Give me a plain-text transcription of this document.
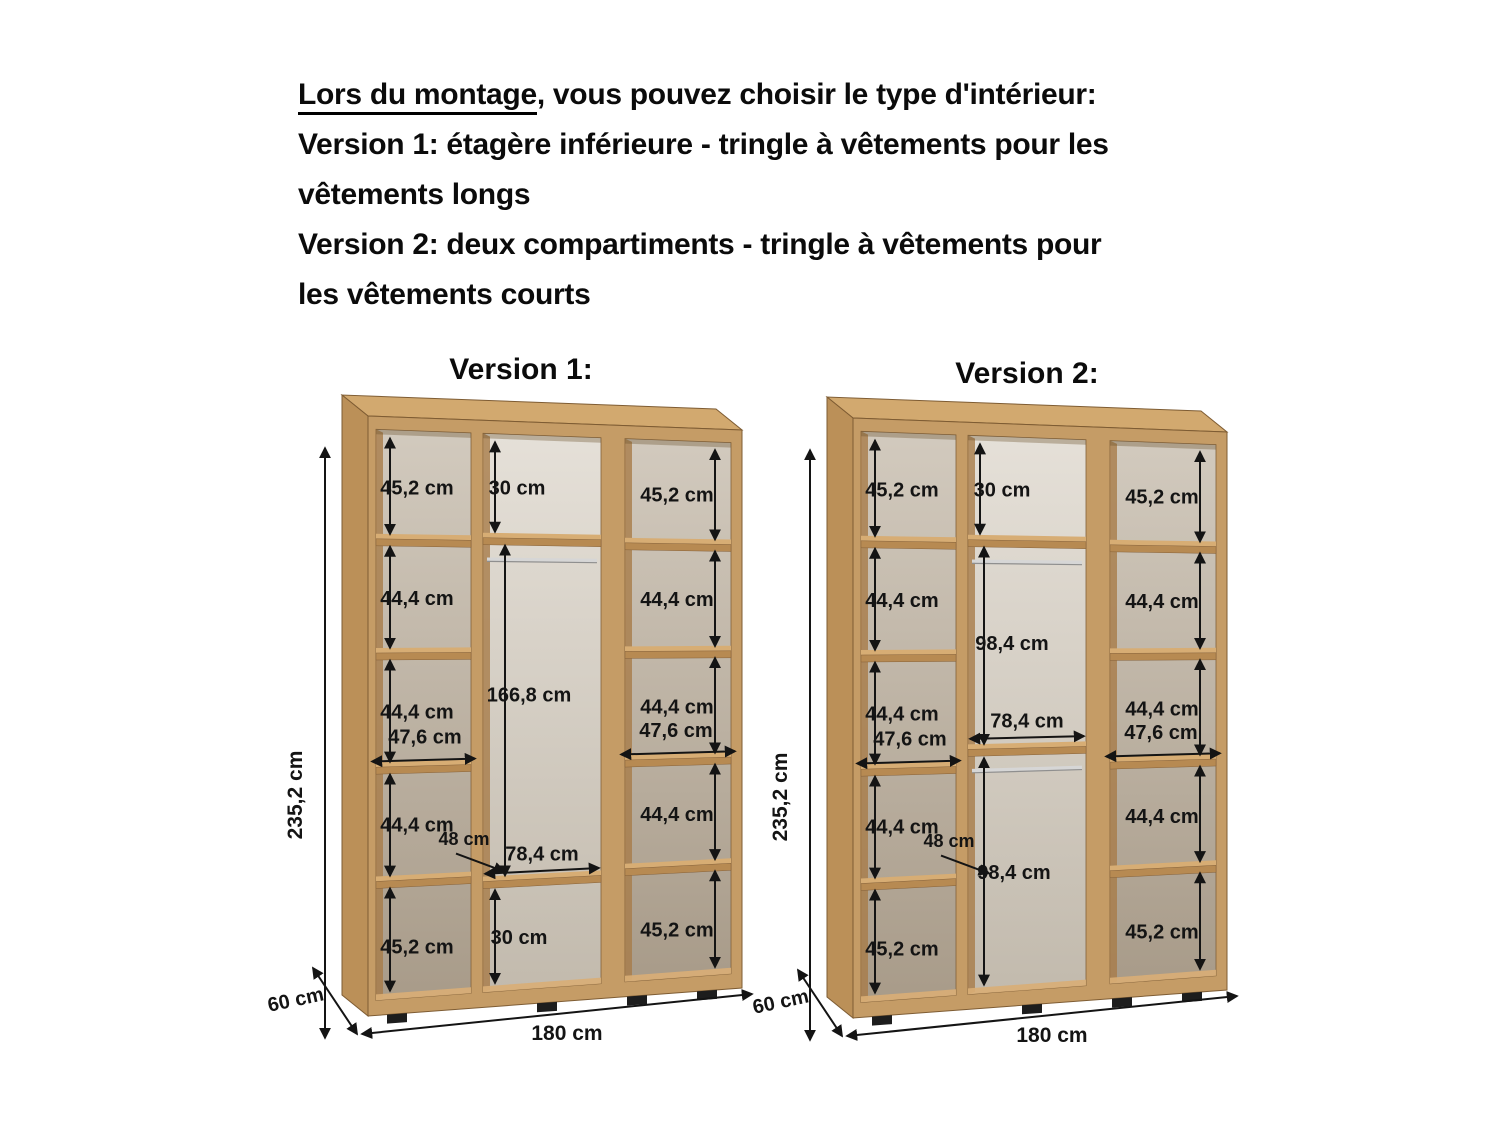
Lors du montage, vous pouvez choisir le type d'intérieur:

Version 1: étagère inférieure - tringle à vêtements pour les
vêtements longs

Version 2: deux compartiments - tringle à vêtements pour
les vêtements courts

Version 1:	Version 2:
45,2 cm	45,2 cm
44,4 cm	44,4 cm
44,4 cm	44,4 cm
44,4 cm	44,4 cm
45,2 cm
45,2 cm
47,6 cm	47,6 cm
30 cm
166,8 cm
78,4 cm
30 cm
48 cm
235,2 cm
180 cm
60 cm
45,2 cm	45,2 cm
44,4 cm	44,4 cm
44,4 cm	44,4 cm
44,4 cm	44,4 cm
45,2 cm
45,2 cm
47,6 cm	47,6 cm
30 cm
98,4 cm
78,4 cm
98,4 cm
48 cm
235,2 cm
180 cm
60 cm
